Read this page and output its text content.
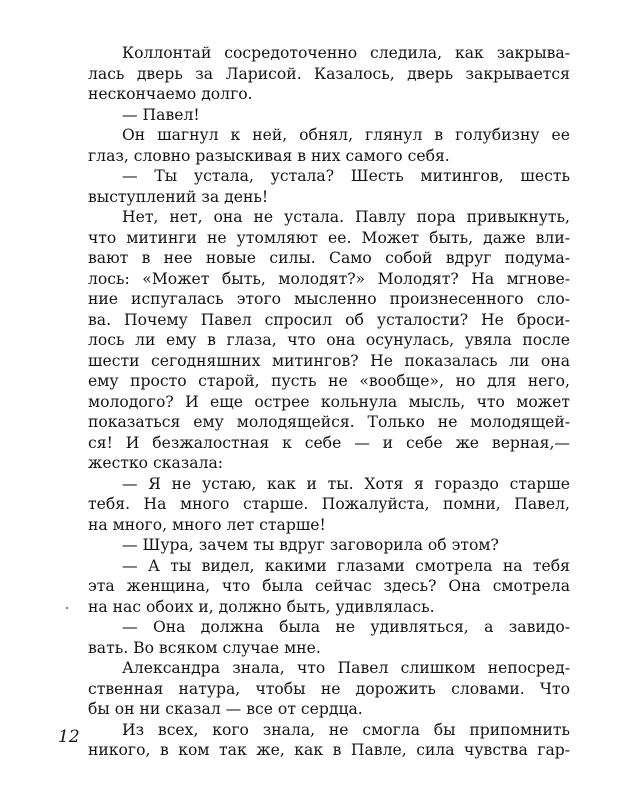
Коллонтай сосредоточенно следила, как закрыва-
лась дверь за Ларисой. Казалось, дверь закрывается
нескончаемо долго.
— Павел!
Он шагнул к ней, обнял, глянул в голубизну ее
глаз, словно разыскивая в них самого себя.
— Ты устала, устала? Шесть митингов, шесть
выступлений за день!
Нет, нет, она не устала. Павлу пора привыкнуть,
что митинги не утомляют ее. Может быть, даже вли-
вают в нее новые силы. Само собой вдруг подума-
лось: «Может быть, молодят?» Молодят? На мгнове-
ние испугалась этого мысленно произнесенного сло-
ва. Почему Павел спросил об усталости? Не броси-
лось ли ему в глаза, что она осунулась, увяла после
шести сегодняшних митингов? Не показалась ли она
ему просто старой, пусть не «вообще», но для него,
молодого? И еще острее кольнула мысль, что может
показаться ему молодящейся. Только не молодящей-
ся! И безжалостная к себе — и себе же верная,—
жестко сказала:
— Я не устаю, как и ты. Хотя я гораздо старше
тебя. На много старше. Пожалуйста, помни, Павел,
на много, много лет старше!
— Шура, зачем ты вдруг заговорила об этом?
— А ты видел, какими глазами смотрела на тебя
эта женщина, что была сейчас здесь? Она смотрела
на нас обоих и, должно быть, удивлялась.
— Она должна была не удивляться, а завидо-
вать. Во всяком случае мне.
Александра знала, что Павел слишком непосред-
ственная натура, чтобы не дорожить словами. Что
бы он ни сказал — все от сердца.
Из всех, кого знала, не смогла бы припомнить
никого, в ком так же, как в Павле, сила чувства гар-
12
